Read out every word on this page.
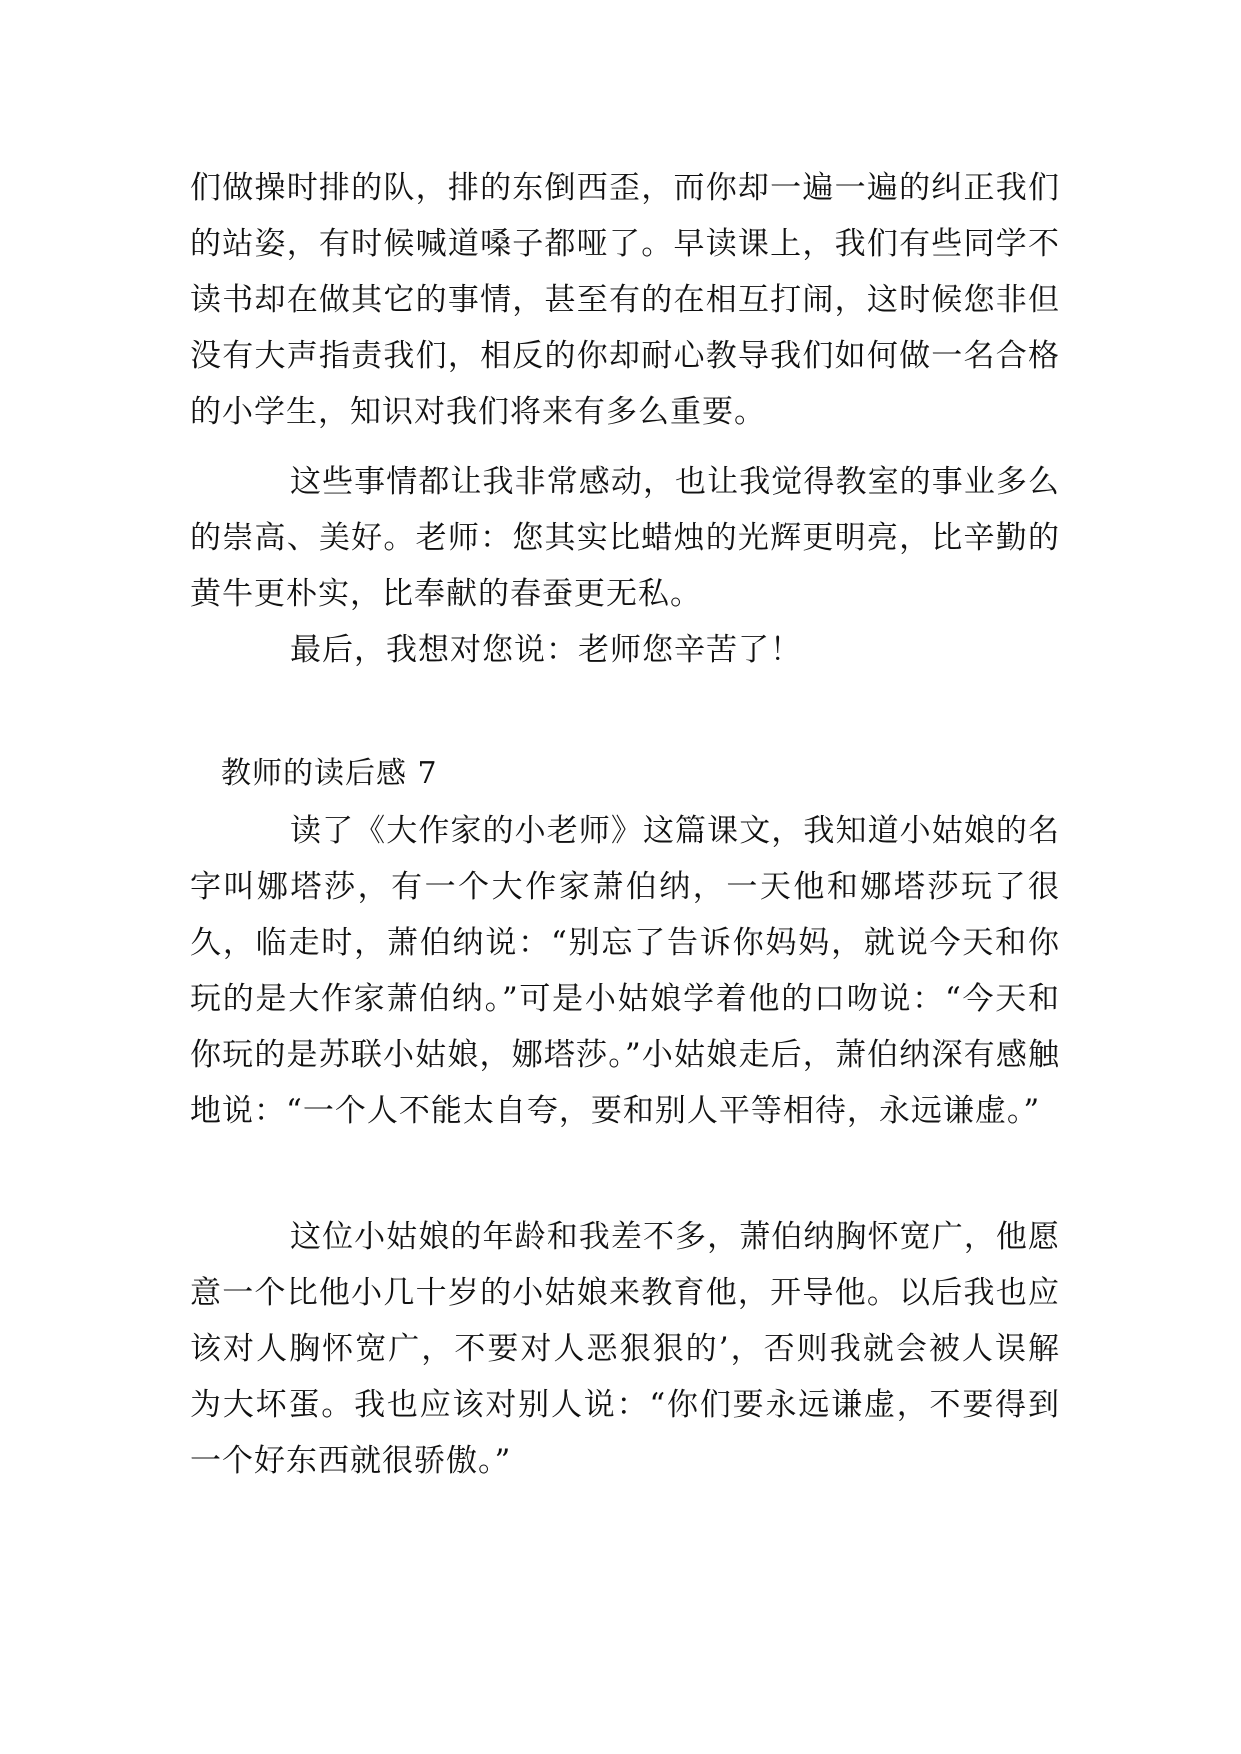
们做操时排的队，排的东倒西歪，而你却一遍一遍的纠正我们的站姿，有时候喊道嗓子都哑了。早读课上，我们有些同学不读书却在做其它的事情，甚至有的在相互打闹，这时候您非但没有大声指责我们，相反的你却耐心教导我们如何做一名合格的小学生，知识对我们将来有多么重要。

这些事情都让我非常感动，也让我觉得教室的事业多么的崇高、美好。老师：您其实比蜡烛的光辉更明亮，比辛勤的黄牛更朴实，比奉献的春蚕更无私。

最后，我想对您说：老师您辛苦了！

教师的读后感 7

读了《大作家的小老师》这篇课文，我知道小姑娘的名字叫娜塔莎，有一个大作家萧伯纳，一天他和娜塔莎玩了很久，临走时，萧伯纳说：“别忘了告诉你妈妈，就说今天和你玩的是大作家萧伯纳。”可是小姑娘学着他的口吻说：“今天和你玩的是苏联小姑娘，娜塔莎。”小姑娘走后，萧伯纳深有感触地说：“一个人不能太自夸，要和别人平等相待，永远谦虚。”

这位小姑娘的年龄和我差不多，萧伯纳胸怀宽广，他愿意一个比他小几十岁的小姑娘来教育他，开导他。以后我也应该对人胸怀宽广，不要对人恶狠狠的’，否则我就会被人误解为大坏蛋。我也应该对别人说：“你们要永远谦虚，不要得到一个好东西就很骄傲。”
